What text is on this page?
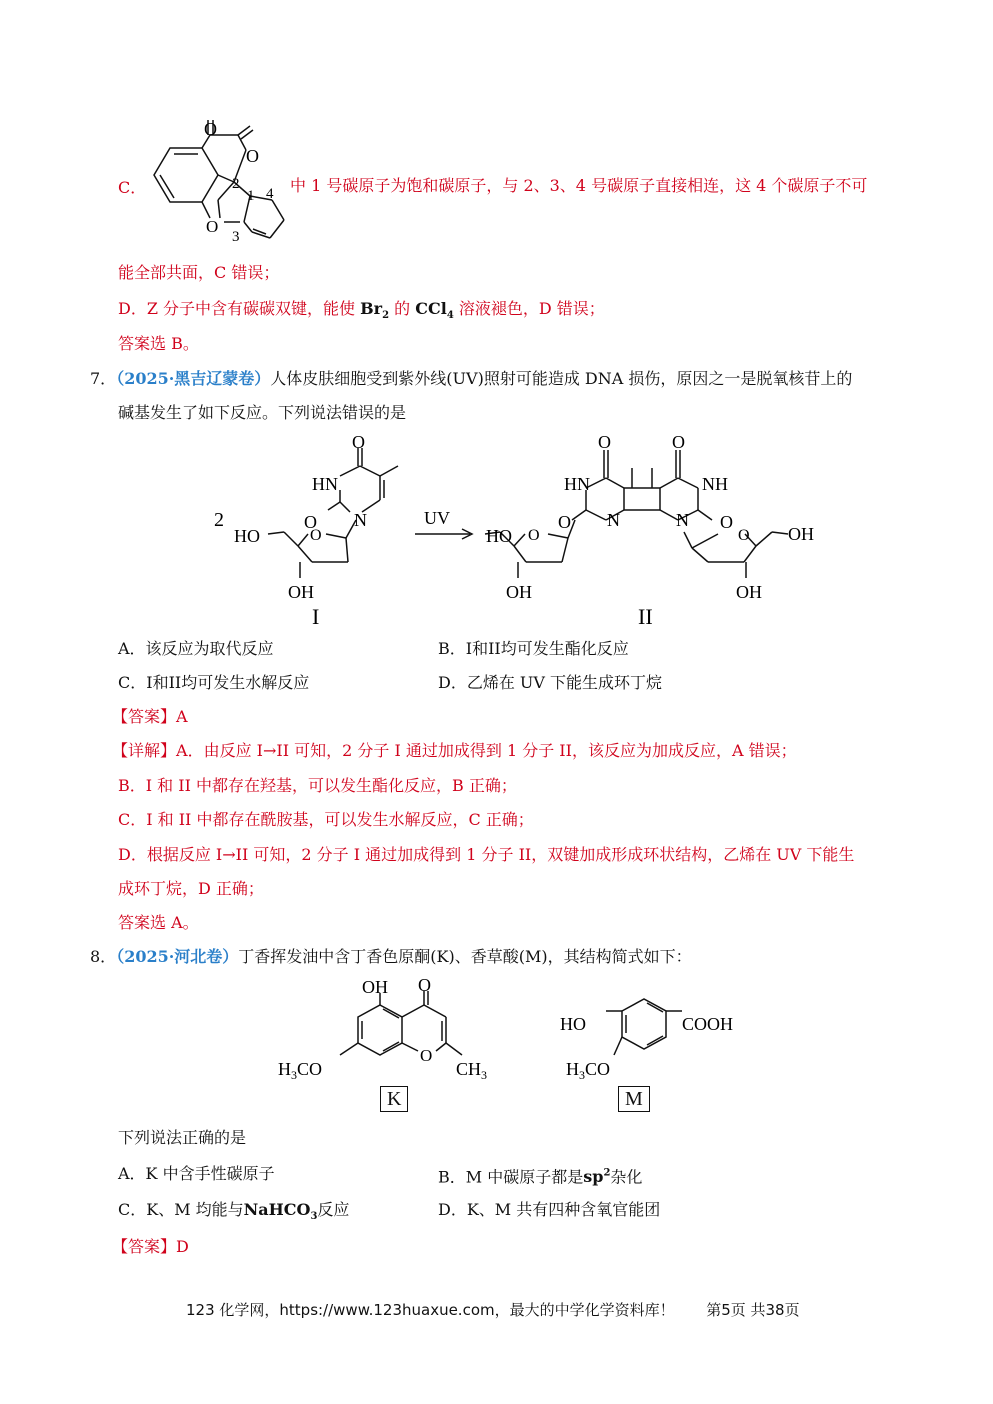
C．
O
O
O
2
1 4
3
中 1 号碳原子为饱和碳原子，与 2、3、4 号碳原子直接相连，这 4 个碳原子不可
能全部共面，C 错误；
D．Z 分子中含有碳碳双键，能使 $Br_2$ 的 CCl$_4$ 溶液褪色，D 错误；
答案选 B。
7．（2025·黑吉辽蒙卷）人体皮肤细胞受到紫外线(UV)照射可能造成 DNA 损伤，原因之一是脱氧核苷上的
碱基发生了如下反应。下列说法错误的是
2
O
HN
O N
HO	O
OH
I
UV
HO O
OH
O	O
HN	NH
O	O
N	N
O OH
OH
II
A．该反应为取代反应	B．I和II均可发生酯化反应
C．I和II均可发生水解反应	D．乙烯在 UV 下能生成环丁烷
【答案】A
【详解】A．由反应 I→II 可知，2 分子 I 通过加成得到 1 分子 II，该反应为加成反应，A 错误；
B．I 和 II 中都存在羟基，可以发生酯化反应，B 正确；
C．I 和 II 中都存在酰胺基，可以发生水解反应，C 正确；
D．根据反应 I→II 可知，2 分子 I 通过加成得到 1 分子 II，双键加成形成环状结构，乙烯在 UV 下能生
成环丁烷，D 正确；
答案选 A。
8．（2025·河北卷）丁香挥发油中含丁香色原酮(K)、香草酸(M)，其结构简式如下：
OH O
$H_3CO$
O
$CH_3$
HO	COOH
$H_3CO$
K	M
下列说法正确的是
A．K 中含手性碳原子	B．M 中碳原子都是$sp^2$杂化
C．K、M 均能与NaHCO$_3$反应	D．K、M 共有四种含氧官能团
【答案】D
123 化学网，https://www.123huaxue.com，最大的中学化学资料库！ 第5页 共38页
